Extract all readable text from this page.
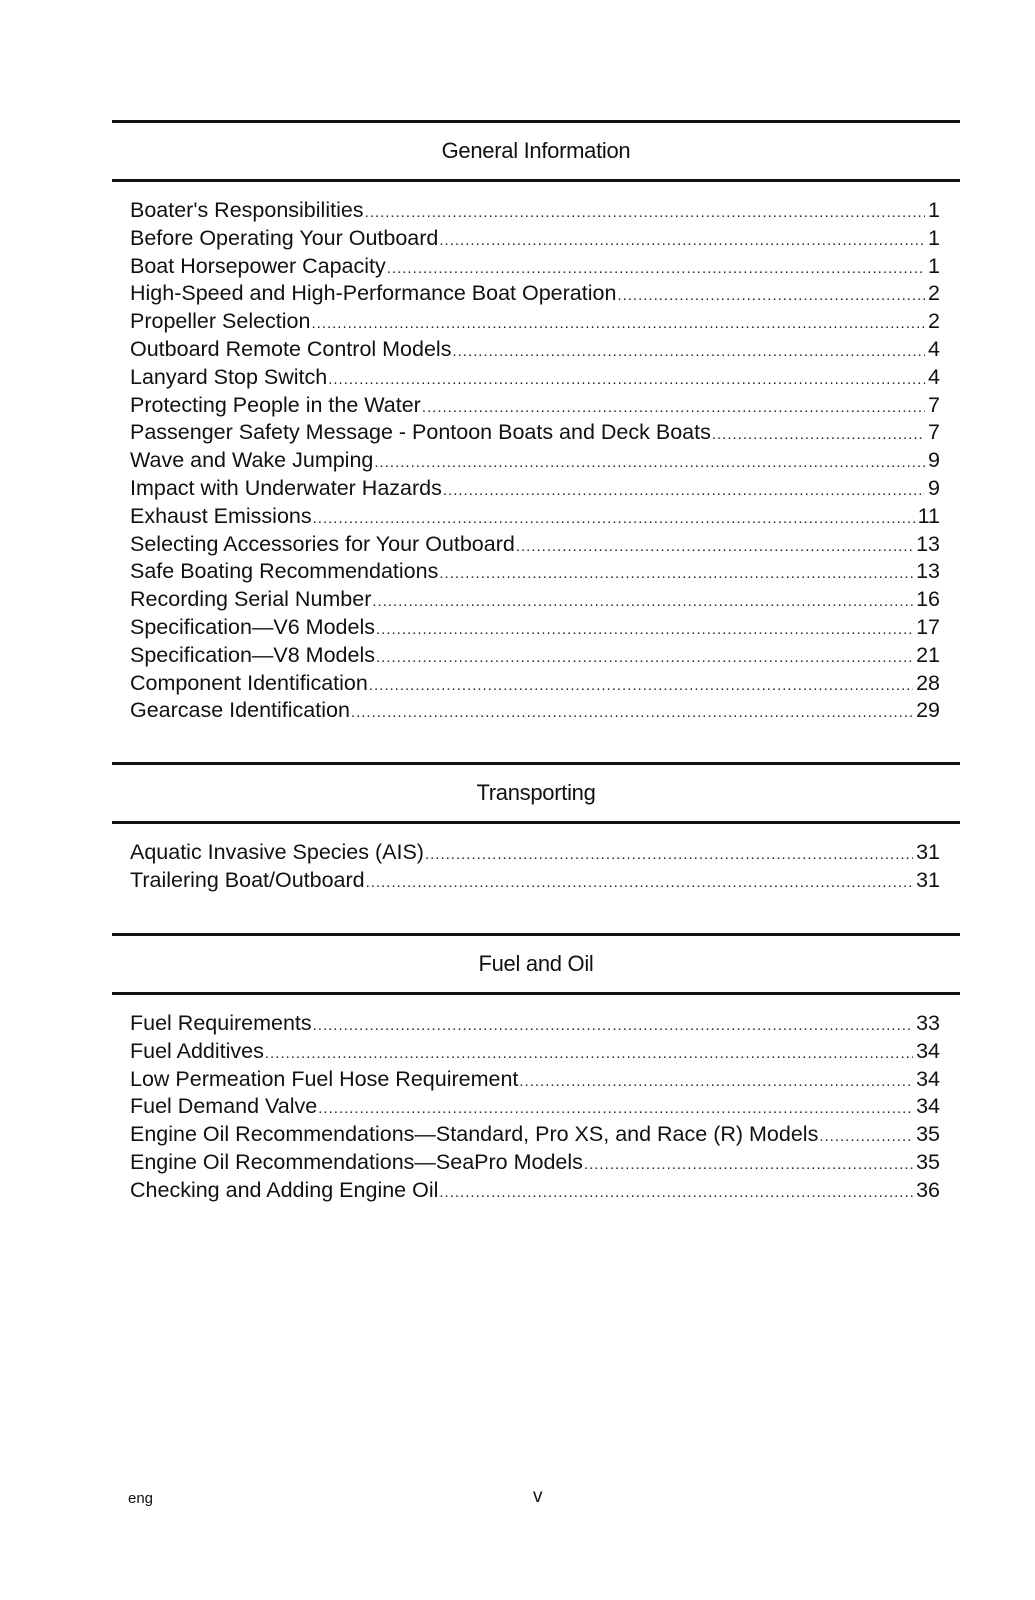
General Information
Boater's Responsibilities .....	1
Before Operating Your Outboard .....	1
Boat Horsepower Capacity .....	1
High-Speed and High-Performance Boat Operation .....	2
Propeller Selection .....	2
Outboard Remote Control Models .....	4
Lanyard Stop Switch .....	4
Protecting People in the Water .....	7
Passenger Safety Message - Pontoon Boats and Deck Boats .....	7
Wave and Wake Jumping .....	9
Impact with Underwater Hazards .....	9
Exhaust Emissions .....	11
Selecting Accessories for Your Outboard .....	13
Safe Boating Recommendations .....	13
Recording Serial Number .....	16
Specification—V6 Models .....	17
Specification—V8 Models .....	21
Component Identification .....	28
Gearcase Identification .....	29
Transporting
Aquatic Invasive Species (AIS) .....	31
Trailering Boat/Outboard .....	31
Fuel and Oil
Fuel Requirements .....	33
Fuel Additives .....	34
Low Permeation Fuel Hose Requirement .....	34
Fuel Demand Valve .....	34
Engine Oil Recommendations—Standard, Pro XS, and Race (R) Models .....	35
Engine Oil Recommendations—SeaPro Models .....	35
Checking and Adding Engine Oil .....	36
eng	v
